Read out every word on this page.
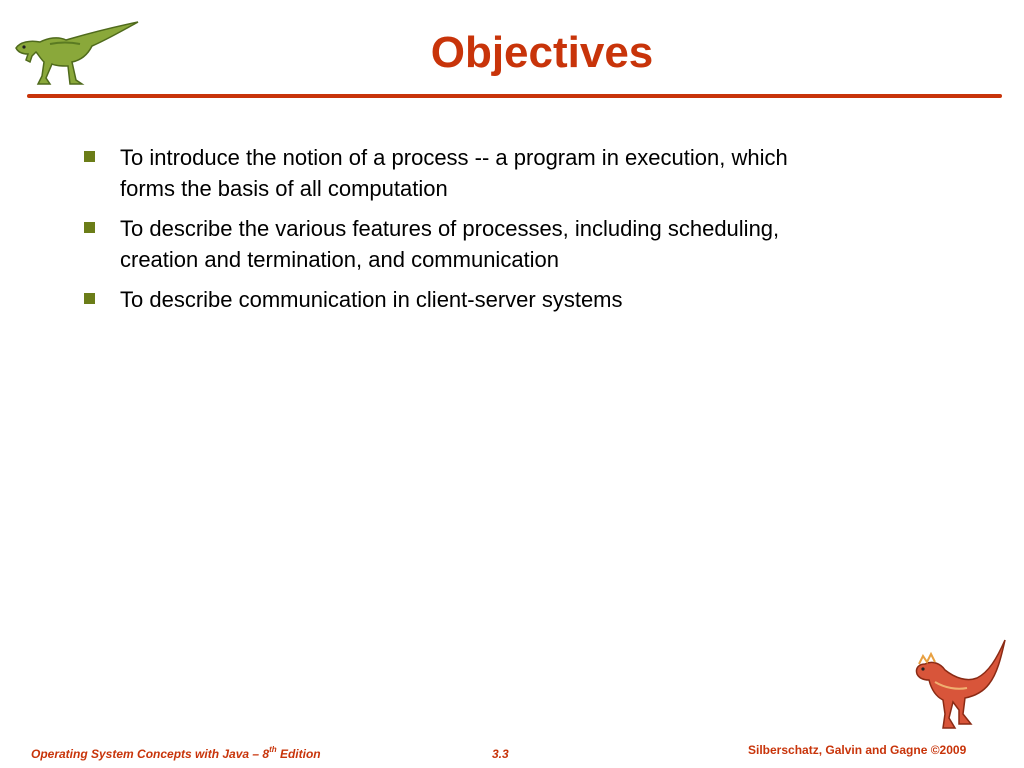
Objectives
To introduce the notion of a process -- a program in execution, which forms the basis of all computation
To describe the various features of processes, including scheduling, creation and termination, and communication
To describe communication in client-server systems
Operating System Concepts with Java – 8th Edition	3.3	Silberschatz, Galvin and Gagne ©2009
